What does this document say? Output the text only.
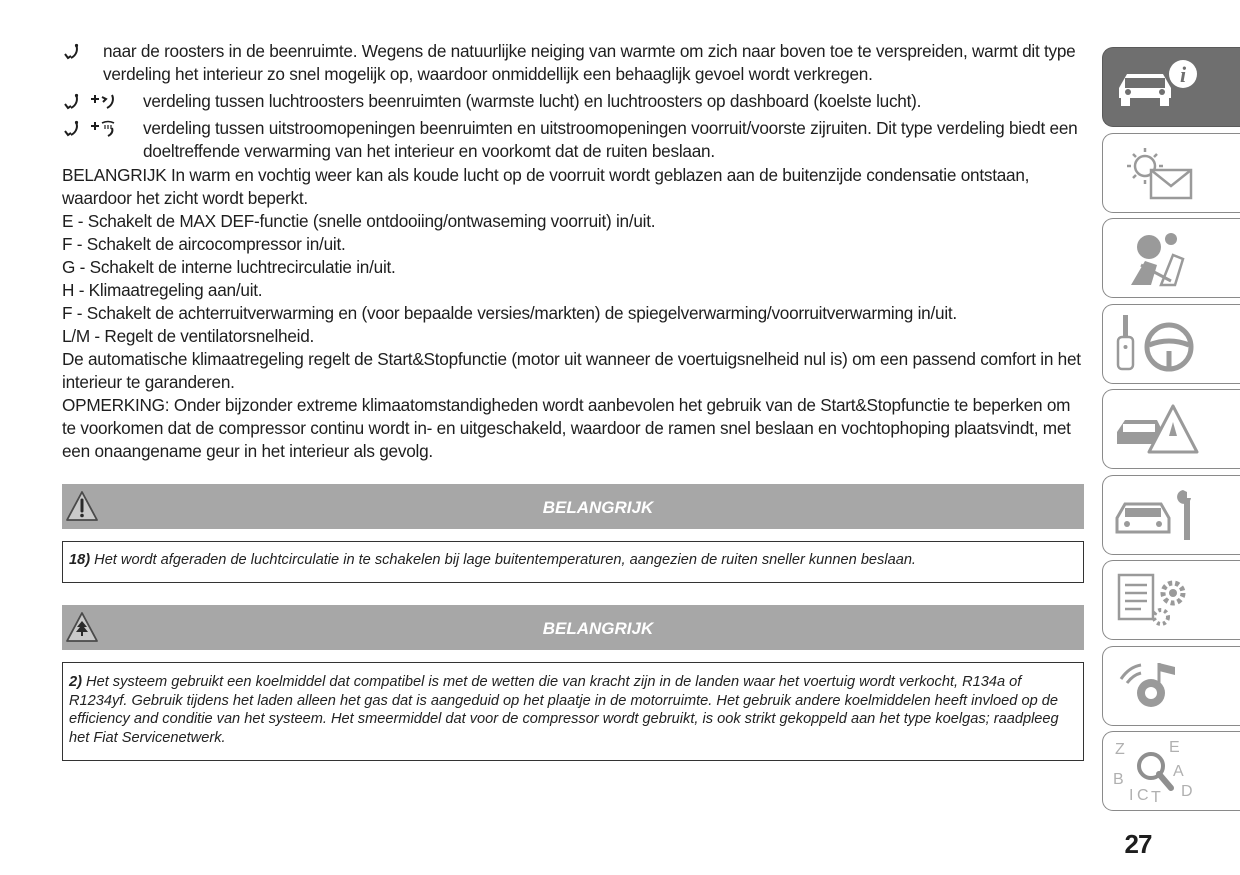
naar de roosters in de beenruimte. Wegens de natuurlijke neiging van warmte om zich naar boven toe te verspreiden, warmt dit type verdeling het interieur zo snel mogelijk op, waardoor onmiddellijk een behaaglijk gevoel wordt verkregen.

verdeling tussen luchtroosters beenruimten (warmste lucht) en luchtroosters op dashboard (koelste lucht).

verdeling tussen uitstroomopeningen beenruimten en uitstroomopeningen voorruit/voorste zijruiten. Dit type verdeling biedt een doeltreffende verwarming van het interieur en voorkomt dat de ruiten beslaan.

BELANGRIJK In warm en vochtig weer kan als koude lucht op de voorruit wordt geblazen aan de buitenzijde condensatie ontstaan, waardoor het zicht wordt beperkt.

E - Schakelt de MAX DEF-functie (snelle ontdooiing/ontwaseming voorruit) in/uit.

F - Schakelt de aircocompressor in/uit.

G - Schakelt de interne luchtrecirculatie in/uit.

H - Klimaatregeling aan/uit.

F - Schakelt de achterruitverwarming en (voor bepaalde versies/markten) de spiegelverwarming/voorruitverwarming in/uit.

L/M - Regelt de ventilatorsnelheid.

De automatische klimaatregeling regelt de Start&Stopfunctie (motor uit wanneer de voertuigsnelheid nul is) om een passend comfort in het interieur te garanderen.

OPMERKING: Onder bijzonder extreme klimaatomstandigheden wordt aanbevolen het gebruik van de Start&Stopfunctie te beperken om te voorkomen dat de compressor continu wordt in- en uitgeschakeld, waardoor de ramen snel beslaan en vochtophoping plaatsvindt, met een onaangename geur in het interieur als gevolg.

BELANGRIJK
18) Het wordt afgeraden de luchtcirculatie in te schakelen bij lage buitentemperaturen, aangezien de ruiten sneller kunnen beslaan.
BELANGRIJK
2) Het systeem gebruikt een koelmiddel dat compatibel is met de wetten die van kracht zijn in de landen waar het voertuig wordt verkocht, R134a of R1234yf. Gebruik tijdens het laden alleen het gas dat is aangeduid op het plaatje in de motorruimte. Het gebruik andere koelmiddelen heeft invloed op de efficiency and conditie van het systeem. Het smeermiddel dat voor de compressor wordt gebruikt, is ook strikt gekoppeld aan het type koelgas; raadpleeg het Fiat Servicenetwerk.
i
Z	E
B	A
I C T D
27
